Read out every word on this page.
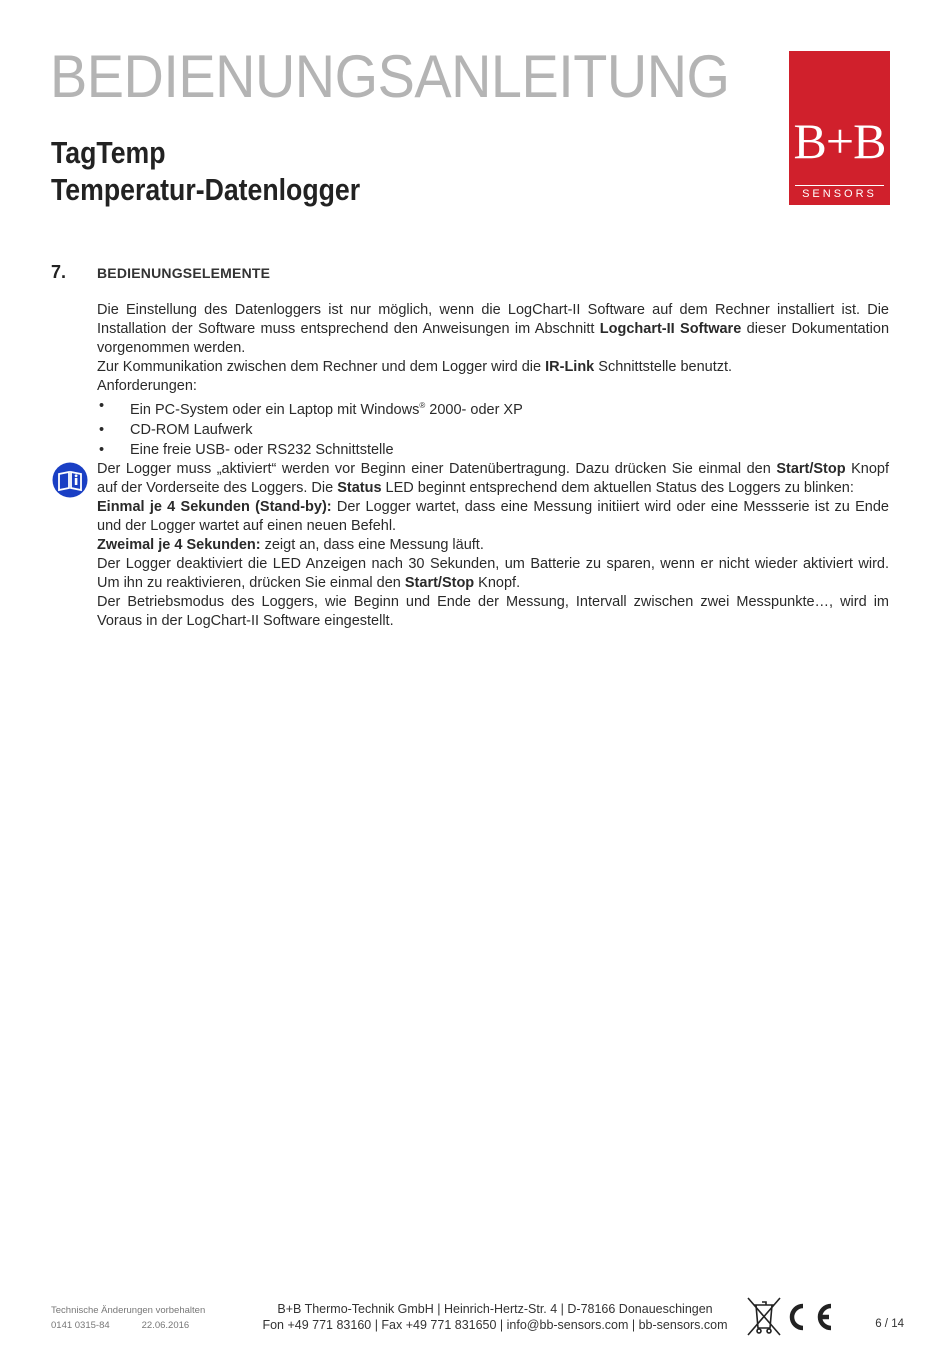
BEDIENUNGSANLEITUNG
TagTemp
Temperatur-Datenlogger
B+B
SENSORS
7. BEDIENUNGSELEMENTE

Die Einstellung des Datenloggers ist nur möglich, wenn die LogChart-II Software auf dem Rechner installiert ist. Die Installation der Software muss entsprechend den Anweisungen im Abschnitt Logchart-II Software dieser Dokumentation vorgenommen werden.

Zur Kommunikation zwischen dem Rechner und dem Logger wird die IR-Link Schnittstelle benutzt.

Anforderungen:

• Ein PC-System oder ein Laptop mit Windows® 2000- oder XP
• CD-ROM Laufwerk
• Eine freie USB- oder RS232 Schnittstelle

Der Logger muss „aktiviert“ werden vor Beginn einer Datenübertragung. Dazu drücken Sie einmal den Start/Stop Knopf auf der Vorderseite des Loggers. Die Status LED beginnt entsprechend dem aktuellen Status des Loggers zu blinken:

Einmal je 4 Sekunden (Stand-by): Der Logger wartet, dass eine Messung initiiert wird oder eine Messserie ist zu Ende und der Logger wartet auf einen neuen Befehl.

Zweimal je 4 Sekunden: zeigt an, dass eine Messung läuft.

Der Logger deaktiviert die LED Anzeigen nach 30 Sekunden, um Batterie zu sparen, wenn er nicht wieder aktiviert wird. Um ihn zu reaktivieren, drücken Sie einmal den Start/Stop Knopf.

Der Betriebsmodus des Loggers, wie Beginn und Ende der Messung, Intervall zwischen zwei Messpunkte…, wird im Voraus in der LogChart-II Software eingestellt.

Technische Änderungen vorbehalten
0141 0315-84	22.06.2016
B+B Thermo-Technik GmbH | Heinrich-Hertz-Str. 4 | D-78166 Donaueschingen
Fon +49 771 83160 | Fax +49 771 831650 | info@bb-sensors.com | bb-sensors.com	6 / 14
